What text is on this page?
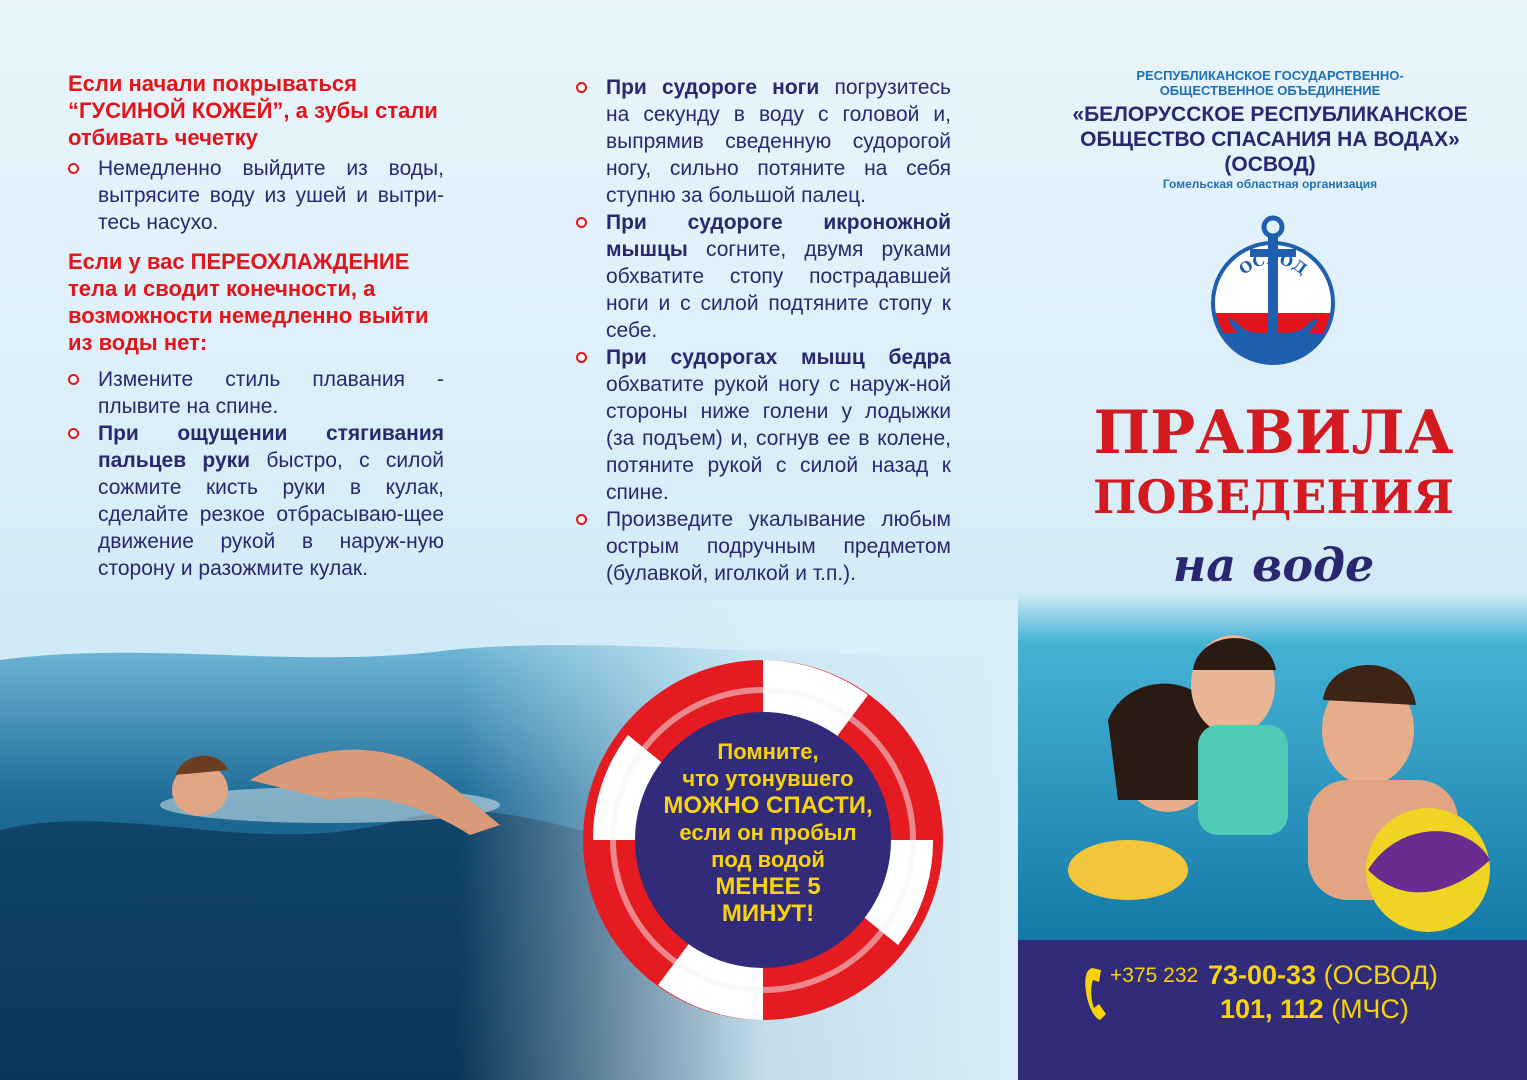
Если начали покрываться “ГУСИНОЙ КОЖЕЙ”, а зубы стали отбивать чечетку

Немедленно выйдите из воды, вытрясите воду из ушей и вытри-тесь насухо.

Если у вас ПЕРЕОХЛАЖДЕНИЕ тела и сводит конечности, а возможности немедленно выйти из воды нет:

Измените стиль плавания - плывите на спине.
При ощущении стягивания пальцев руки быстро, с силой сожмите кисть руки в кулак, сделайте резкое отбрасываю-щее движение рукой в наруж-ную сторону и разожмите кулак.
При судороге ноги погрузитесь на секунду в воду с головой и, выпрямив сведенную судорогой ногу, сильно потяните на себя ступню за большой палец.
При судороге икроножной мышцы согните, двумя руками обхватите стопу пострадавшей ноги и с силой подтяните стопу к себе.
При судорогах мышц бедра обхватите рукой ногу с наруж-ной стороны ниже голени у лодыжки (за подъем) и, согнув ее в колене, потяните рукой с силой назад к спине.
Произведите укалывание любым острым подручным предметом (булавкой, иголкой и т.п.).
Помните,
что утонувшего
МОЖНО СПАСТИ,
если он пробыл
под водой
МЕНЕЕ 5
МИНУТ!
РЕСПУБЛИКАНСКОЕ ГОСУДАРСТВЕННО-
ОБЩЕСТВЕННОЕ ОБЪЕДИНЕНИЕ
«БЕЛОРУССКОЕ РЕСПУБЛИКАНСКОЕ
ОБЩЕСТВО СПАСАНИЯ НА ВОДАХ»
(ОСВОД)
Гомельская областная организация
ОСВОД
ПРАВИЛА
ПОВЕДЕНИЯ
на воде
+375 232 73-00-33 (ОСВОД)
101, 112 (МЧС)
